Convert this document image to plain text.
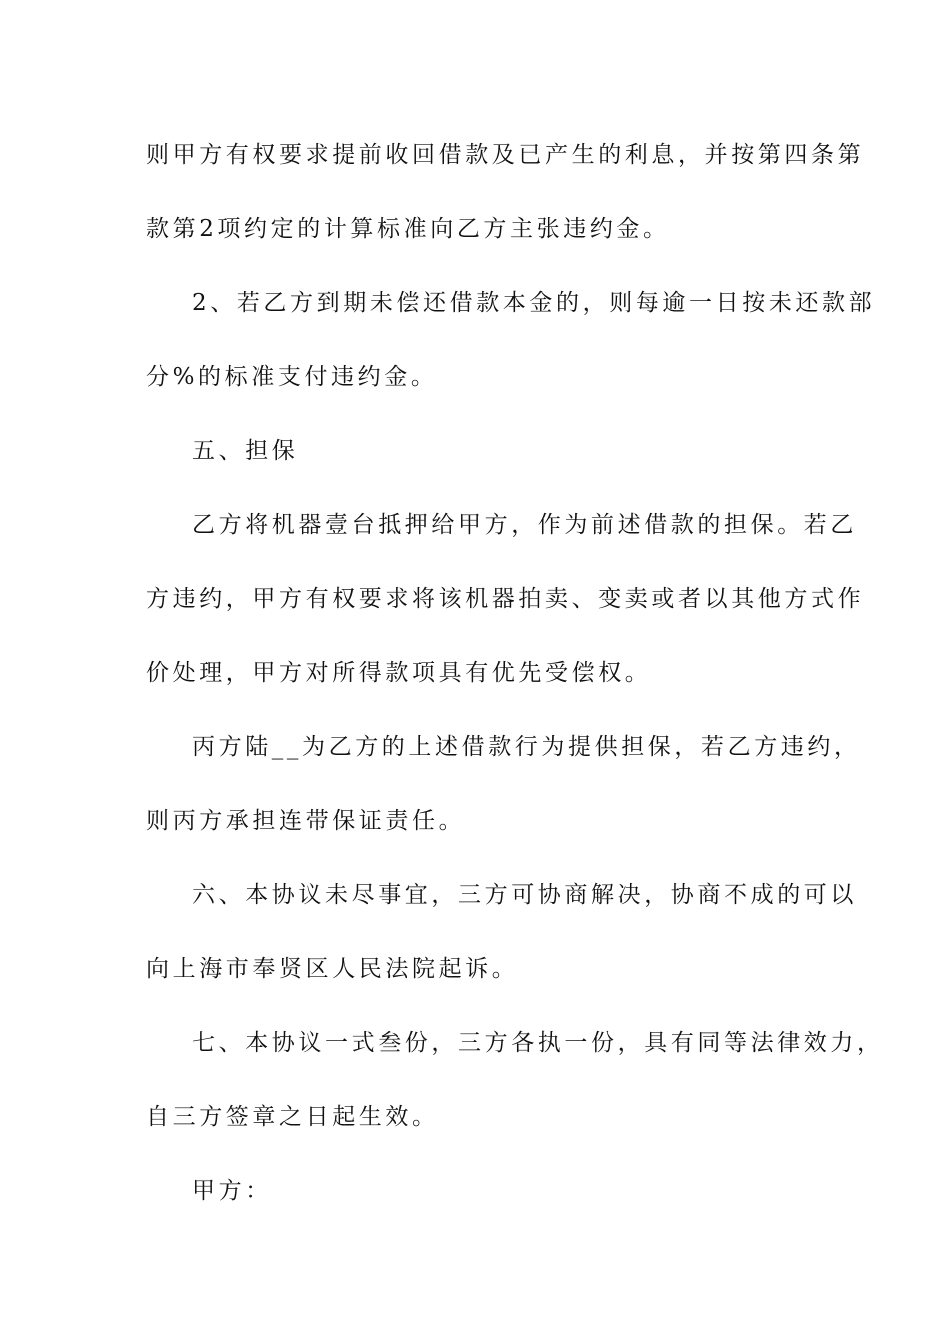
则甲方有权要求提前收回借款及已产生的利息，并按第四条第
款第2项约定的计算标准向乙方主张违约金。
2、若乙方到期未偿还借款本金的，则每逾一日按未还款部
分%的标准支付违约金。
五、担保
乙方将机器壹台抵押给甲方，作为前述借款的担保。若乙
方违约，甲方有权要求将该机器拍卖、变卖或者以其他方式作
价处理，甲方对所得款项具有优先受偿权。
丙方陆__为乙方的上述借款行为提供担保，若乙方违约，
则丙方承担连带保证责任。
六、本协议未尽事宜，三方可协商解决，协商不成的可以
向上海市奉贤区人民法院起诉。
七、本协议一式叁份，三方各执一份，具有同等法律效力，
自三方签章之日起生效。
甲方：
